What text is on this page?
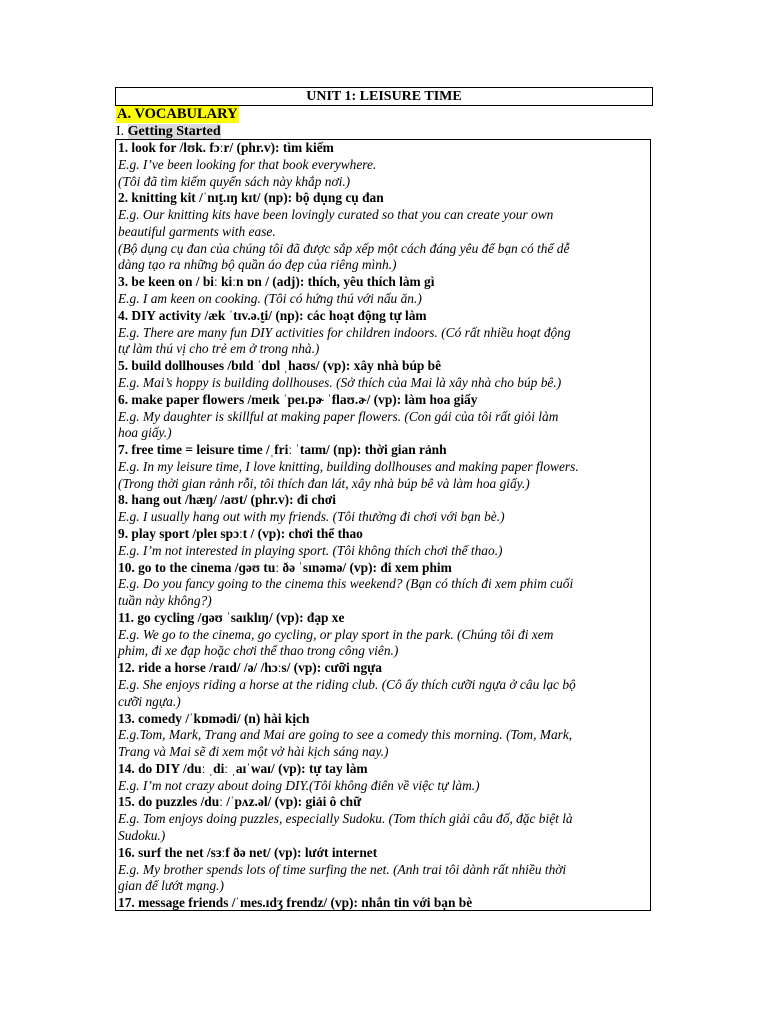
UNIT 1: LEISURE TIME
A. VOCABULARY
I. Getting Started
1. look for /lʊk. fɔːr/ (phr.v): tìm kiếm
E.g. I’ve been looking for that book everywhere.
(Tôi đã tìm kiếm quyển sách này khắp nơi.)
2. knitting kit /ˈnɪt̬.ɪŋ kɪt/ (np): bộ dụng cụ đan
E.g. Our knitting kits have been lovingly curated so that you can create your own
beautiful garments with ease.
(Bộ dụng cụ đan của chúng tôi đã được sắp xếp một cách đáng yêu để bạn có thể dễ
dàng tạo ra những bộ quần áo đẹp của riêng mình.)
3. be keen on / biː kiːn ɒn / (adj): thích, yêu thích làm gì
E.g. I am keen on cooking. (Tôi có hứng thú với nấu ăn.)
4. DIY activity /æk ˈtɪv.ə.t̬i/ (np): các hoạt động tự làm
E.g. There are many fun DIY activities for children indoors. (Có rất nhiều hoạt động
tự làm thú vị cho trẻ em ở trong nhà.)
5. build dollhouses /bɪld ˈdɒl ˌhaʊs/ (vp): xây nhà búp bê
E.g. Mai’s hoppy is building dollhouses. (Sở thích của Mai là xây nhà cho búp bê.)
6. make paper flowers /meɪk ˈpeɪ.pɚ ˈflaʊ.ɚ/ (vp): làm hoa giấy
E.g. My daughter is skillful at making paper flowers. (Con gái của tôi rất giỏi làm
hoa giấy.)
7. free time = leisure time /ˌfriː ˈtaɪm/ (np): thời gian rảnh
E.g. In my leisure time, I love knitting, building dollhouses and making paper flowers.
(Trong thời gian rảnh rỗi, tôi thích đan lát, xây nhà búp bê và làm hoa giấy.)
8. hang out /hæŋ/ /aʊt/ (phr.v): đi chơi
E.g. I usually hang out with my friends. (Tôi thường đi chơi với bạn bè.)
9. play sport /pleɪ spɔːt / (vp): chơi thể thao
E.g. I’m not interested in playing sport. (Tôi không thích chơi thể thao.)
10. go to the cinema /ɡəʊ tuː ðə ˈsɪnəmə/ (vp): đi xem phim
E.g. Do you fancy going to the cinema this weekend? (Bạn có thích đi xem phim cuối
tuần này không?)
11. go cycling /ɡəʊ ˈsaɪklɪŋ/ (vp): đạp xe
E.g. We go to the cinema, go cycling, or play sport in the park. (Chúng tôi đi xem
phim, đi xe đạp hoặc chơi thể thao trong công viên.)
12. ride a horse /raɪd/ /ə/ /hɔːs/ (vp): cưỡi ngựa
E.g. She enjoys riding a horse at the riding club. (Cô ấy thích cưỡi ngựa ở câu lạc bộ
cưỡi ngựa.)
13. comedy /ˈkɒmədi/ (n) hài kịch
E.g.Tom, Mark, Trang and Mai are going to see a comedy this morning. (Tom, Mark,
Trang và Mai sẽ đi xem một vở hài kịch sáng nay.)
14. do DIY /duː ˌdiː ˌaɪˈwaɪ/ (vp): tự tay làm
E.g. I’m not crazy about doing DIY.(Tôi không điên về việc tự làm.)
15. do puzzles /duː /ˈpʌz.əl/ (vp): giải ô chữ
E.g. Tom enjoys doing puzzles, especially Sudoku. (Tom thích giải câu đố, đặc biệt là
Sudoku.)
16. surf the net /sɜːf ðə net/ (vp): lướt internet
E.g. My brother spends lots of time surfing the net. (Anh trai tôi dành rất nhiều thời
gian để lướt mạng.)
17. message friends /ˈmes.ɪdʒ frendz/ (vp): nhắn tin với bạn bè
